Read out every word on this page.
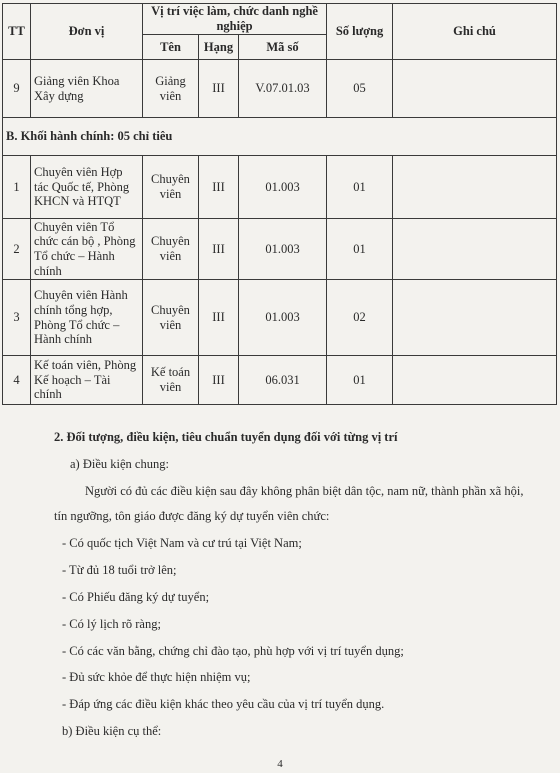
TT	Đơn vị	Vị trí việc làm, chức danh nghề nghiệp			Số lượng	Ghi chú
		Tên	Hạng	Mã số		
9	Giảng viên Khoa Xây dựng	Giảng viên	III	V.07.01.03	05	
B. Khối hành chính: 05 chỉ tiêu						
1	Chuyên viên Hợp tác Quốc tế, Phòng KHCN và HTQT	Chuyên viên	III	01.003	01	
2	Chuyên viên Tổ chức cán bộ , Phòng Tổ chức – Hành chính	Chuyên viên	III	01.003	01	
3	Chuyên viên Hành chính tổng hợp, Phòng Tổ chức – Hành chính	Chuyên viên	III	01.003	02	
4	Kế toán viên, Phòng Kế hoạch – Tài chính	Kế toán viên	III	06.031	01	
2. Đối tượng, điều kiện, tiêu chuẩn tuyển dụng đối với từng vị trí
a) Điều kiện chung:
Người có đủ các điều kiện sau đây không phân biệt dân tộc, nam nữ, thành phần xã hội,
tín ngưỡng, tôn giáo được đăng ký dự tuyển viên chức:
- Có quốc tịch Việt Nam và cư trú tại Việt Nam;
- Từ đủ 18 tuổi trở lên;
- Có Phiếu đăng ký dự tuyển;
- Có lý lịch rõ ràng;
- Có các văn bằng, chứng chỉ đào tạo, phù hợp với vị trí tuyển dụng;
- Đủ sức khỏe để thực hiện nhiệm vụ;
- Đáp ứng các điều kiện khác theo yêu cầu của vị trí tuyển dụng.
b) Điều kiện cụ thể:
4
